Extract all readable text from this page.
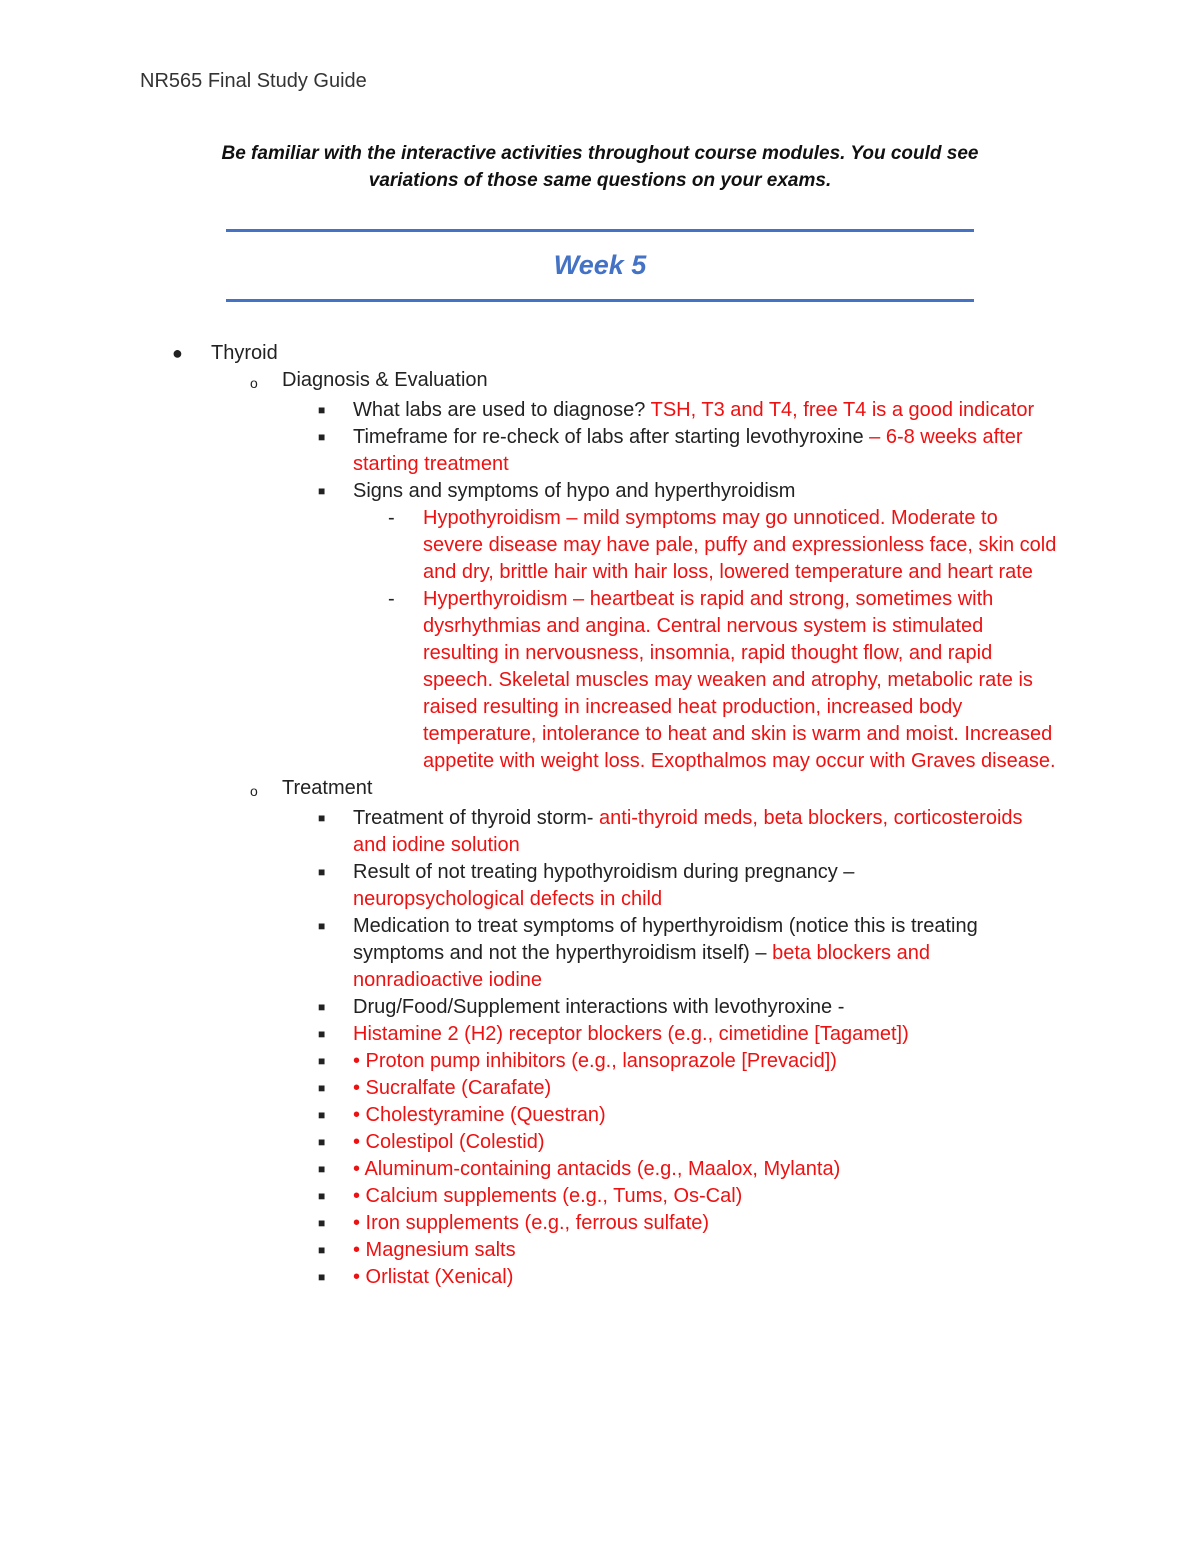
NR565 Final Study Guide
Be familiar with the interactive activities throughout course modules. You could see
variations of those same questions on your exams.
Week 5
● Thyroid
o Diagnosis & Evaluation
■ What labs are used to diagnose? TSH, T3 and T4, free T4 is a good indicator
■ Timeframe for re-check of labs after starting levothyroxine – 6-8 weeks after starting treatment
■ Signs and symptoms of hypo and hyperthyroidism
- Hypothyroidism – mild symptoms may go unnoticed. Moderate to severe disease may have pale, puffy and expressionless face, skin cold and dry, brittle hair with hair loss, lowered temperature and heart rate
- Hyperthyroidism – heartbeat is rapid and strong, sometimes with dysrhythmias and angina. Central nervous system is stimulated resulting in nervousness, insomnia, rapid thought flow, and rapid speech. Skeletal muscles may weaken and atrophy, metabolic rate is raised resulting in increased heat production, increased body temperature, intolerance to heat and skin is warm and moist. Increased appetite with weight loss. Exopthalmos may occur with Graves disease.
o Treatment
■ Treatment of thyroid storm- anti-thyroid meds, beta blockers, corticosteroids and iodine solution
■ Result of not treating hypothyroidism during pregnancy –
neuropsychological defects in child
■ Medication to treat symptoms of hyperthyroidism (notice this is treating symptoms and not the hyperthyroidism itself) – beta blockers and nonradioactive iodine
■ Drug/Food/Supplement interactions with levothyroxine -
■ Histamine 2 (H2) receptor blockers (e.g., cimetidine [Tagamet])
■ • Proton pump inhibitors (e.g., lansoprazole [Prevacid])
■ • Sucralfate (Carafate)
■ • Cholestyramine (Questran)
■ • Colestipol (Colestid)
■ • Aluminum-containing antacids (e.g., Maalox, Mylanta)
■ • Calcium supplements (e.g., Tums, Os-Cal)
■ • Iron supplements (e.g., ferrous sulfate)
■ • Magnesium salts
■ • Orlistat (Xenical)
